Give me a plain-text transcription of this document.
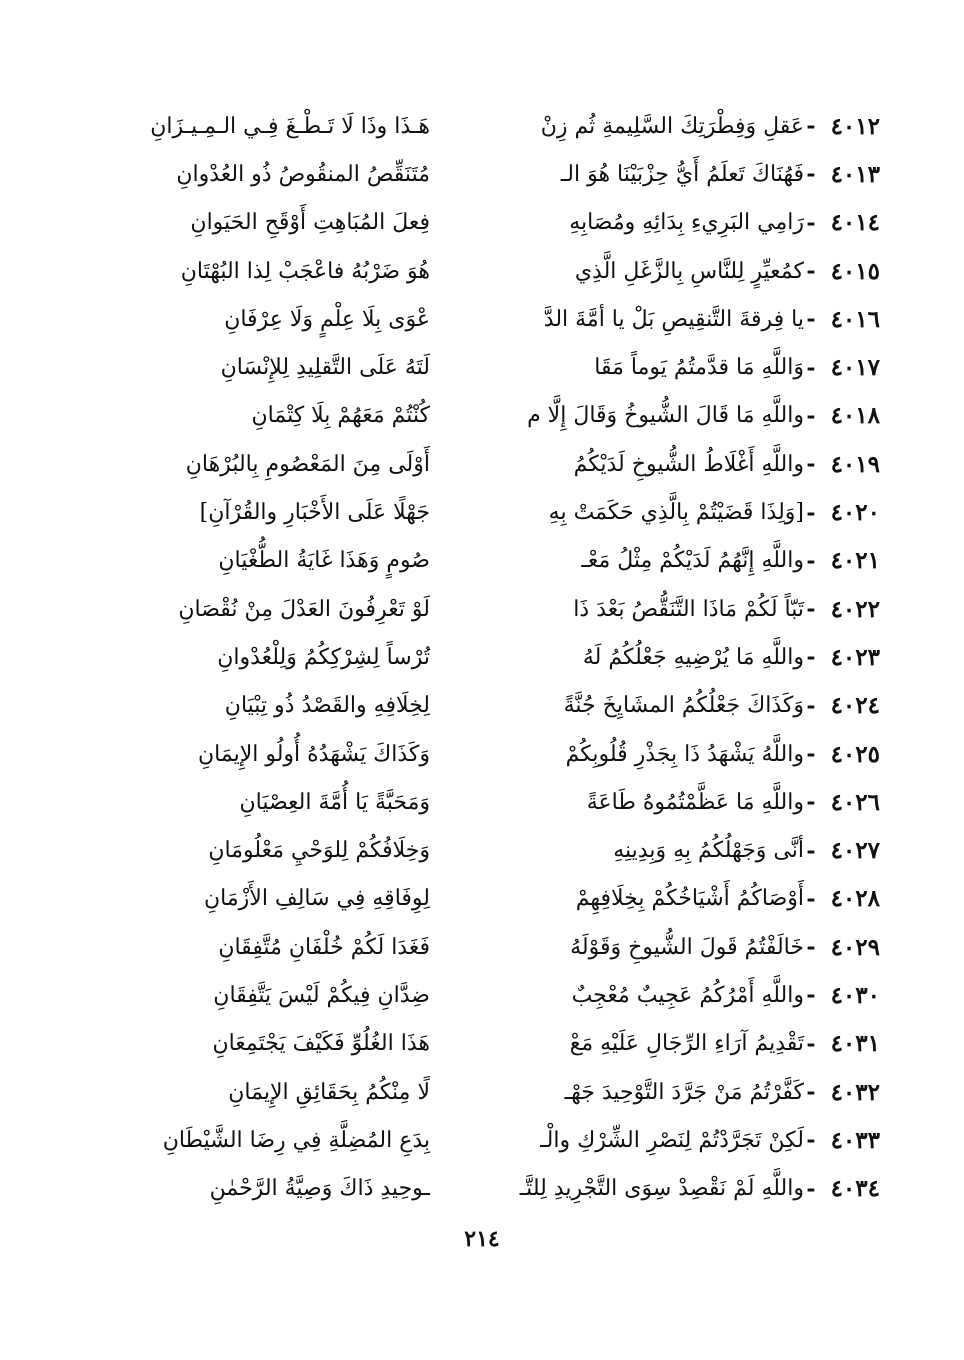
٤٠١٢
-
عَقلِ وَفِطْرَتِكَ السَّلِيمةِ ثُم زِنْ
هَـذَا وذَا لَا تَـطْـغَ فِـي الـمِـيـزَانِ
٤٠١٣
-
فَهُنَاكَ تَعلَمُ أَيُّ حِزْبَيْنَا هُوَ الـ
مُتَنَقِّصُ المنقُوصُ ذُو العُدْوانِ
٤٠١٤
-
رَامِي البَرِيءِ بِدَائِهِ ومُصَابِهِ
فِعلَ المُبَاهِتِ أَوْقَحِ الحَيَوانِ
٤٠١٥
-
كمُعيِّرٍ لِلنَّاسِ بِالزَّغَلِ الَّذِي
هُوَ ضَرْبُهُ فاعْجَبْ لِذا البُهْتَانِ
٤٠١٦
-
يا فِرقةَ التَّنقِيصِ بَلْ يا أمَّةَ الدَّ
عْوَى بِلَا عِلْمٍ وَلَا عِرْفَانِ
٤٠١٧
-
وَاللَّهِ مَا قدَّمتُمُ يَوماً مَقَا
لَتَهُ عَلَى التَّقلِيدِ لِلإِنْسَانِ
٤٠١٨
-
واللَّهِ مَا قَالَ الشُّيوخُ وَقَالَ إِلَّا م
كُنْتُمْ مَعَهُمْ بِلَا كِتْمَانِ
٤٠١٩
-
واللَّهِ أَغْلَاطُ الشُّيوخِ لَدَيْكُمُ
أَوْلَى مِنَ المَعْصُومِ بِالبُرْهَانِ
٤٠٢٠
-
[وَلِذَا قَضَيْتُمْ بِالَّذِي حَكَمَتْ بِهِ
جَهْلًا عَلَى الأَخْبَارِ والقُرْآنِ]
٤٠٢١
-
واللَّهِ إِنَّهُمُ لَدَيْكُمْ مِثْلُ مَعْـ
صُومٍ وَهَذَا غَايَةُ الطُّغْيَانِ
٤٠٢٢
-
تَبّاً لَكُمْ مَاذَا التَّنَقُّصُ بَعْدَ ذَا
لَوْ تَعْرِفُونَ العَدْلَ مِنْ نُقْصَانِ
٤٠٢٣
-
واللَّهِ مَا يُرْضِيهِ جَعْلُكُمُ لَهُ
تُرْساً لِشِرْكِكُمُ وَلِلْعُدْوانِ
٤٠٢٤
-
وَكَذَاكَ جَعْلُكُمُ المشَايِخَ جُنَّةً
لِخِلَافِهِ والقَصْدُ ذُو تِبْيَانِ
٤٠٢٥
-
واللَّهُ يَشْهَدُ ذَا بِجَذْرِ قُلُوبِكُمْ
وَكَذَاكَ يَشْهَدُهُ أُولُو الإِيمَانِ
٤٠٢٦
-
واللَّهِ مَا عَظَّمْتُمُوهُ طَاعَةً
وَمَحَبَّةً يَا أُمَّةَ العِصْيَانِ
٤٠٢٧
-
أنَّى وَجَهْلُكُمُ بِهِ وَبِدِينِهِ
وَخِلَافُكُمْ لِلوَحْيِ مَعْلُومَانِ
٤٠٢٨
-
أَوْصَاكُمُ أَشْيَاخُكُمْ بِخِلَافِهِمْ
لِوِفَاقِهِ فِي سَالِفِ الأَزْمَانِ
٤٠٢٩
-
خَالَفْتُمُ قَولَ الشُّيوخِ وَقَوْلَهُ
فَغَدَا لَكُمْ خُلْفَانِ مُتَّفِقَانِ
٤٠٣٠
-
واللَّهِ أَمْرُكُمُ عَجِيبٌ مُعْجِبٌ
ضِدَّانِ فِيكُمْ لَيْسَ يَتَّفِقَانِ
٤٠٣١
-
تَقْدِيمُ آرَاءِ الرِّجَالِ عَلَيْهِ مَعْ
هَذَا الغُلُوِّ فَكَيْفَ يَجْتَمِعَانِ
٤٠٣٢
-
كَفَّرْتُمُ مَنْ جَرَّدَ التَّوْحِيدَ جَهْـ
لًا مِنْكُمُ بِحَقَائِقِ الإِيمَانِ
٤٠٣٣
-
لَكِنْ تَجَرَّدْتُمْ لِنَصْرِ الشِّرْكِ والْـ
بِدَعِ المُضِلَّةِ فِي رِضَا الشَّيْطَانِ
٤٠٣٤
-
واللَّهِ لَمْ نَقْصِدْ سِوَى التَّجْرِيدِ لِلتَّـ
ـوحِيدِ ذَاكَ وَصِيَّةُ الرَّحْمٰنِ
٢١٤
